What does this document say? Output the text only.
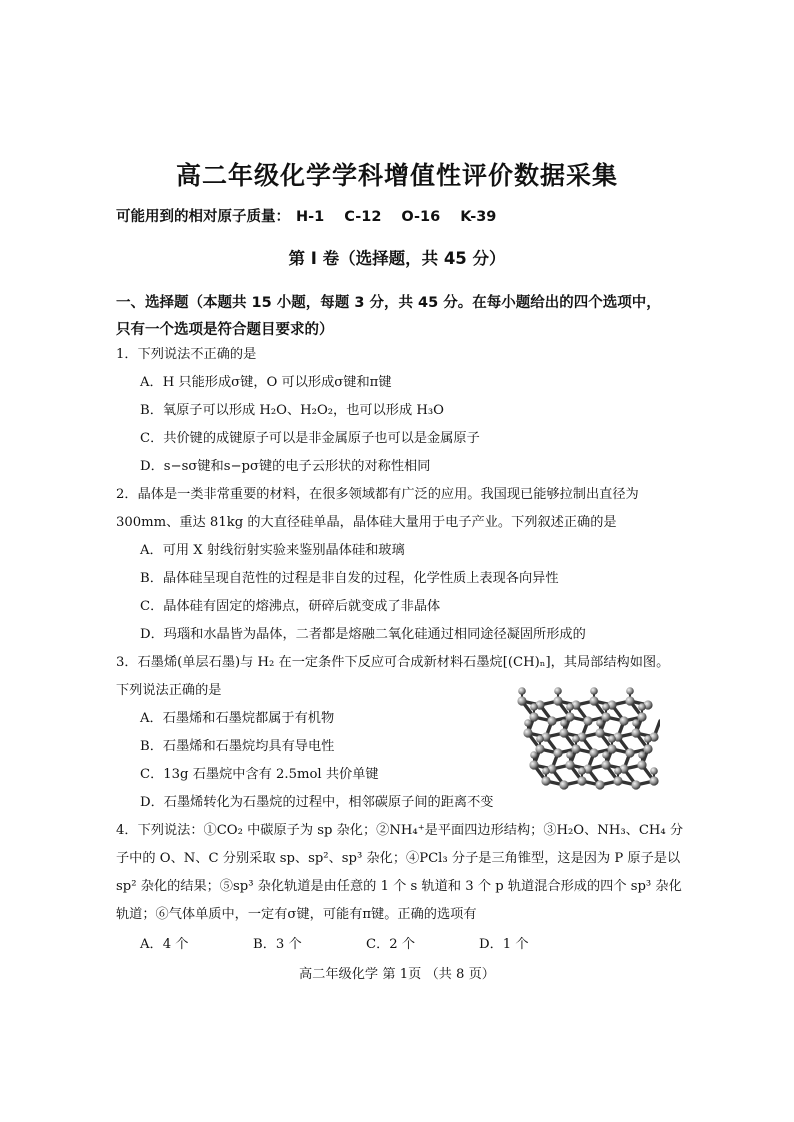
高二年级化学学科增值性评价数据采集
可能用到的相对原子质量： H-1 C-12 O-16 K-39
第 I 卷（选择题，共 45 分）
一、选择题（本题共 15 小题，每题 3 分，共 45 分。在每小题给出的四个选项中，
只有一个选项是符合题目要求的）
1．下列说法不正确的是
A．H 只能形成σ键，O 可以形成σ键和π键
B．氧原子可以形成 H₂O、H₂O₂，也可以形成 H₃O
C．共价键的成键原子可以是非金属原子也可以是金属原子
D．s−sσ键和s−pσ键的电子云形状的对称性相同
2．晶体是一类非常重要的材料，在很多领域都有广泛的应用。我国现已能够拉制出直径为
300mm、重达 81kg 的大直径硅单晶，晶体硅大量用于电子产业。下列叙述正确的是
A．可用 X 射线衍射实验来鉴别晶体硅和玻璃
B．晶体硅呈现自范性的过程是非自发的过程，化学性质上表现各向异性
C．晶体硅有固定的熔沸点，研碎后就变成了非晶体
D．玛瑙和水晶皆为晶体，二者都是熔融二氧化硅通过相同途径凝固所形成的
3．石墨烯(单层石墨)与 H₂ 在一定条件下反应可合成新材料石墨烷[(CH)ₙ]，其局部结构如图。
下列说法正确的是
A．石墨烯和石墨烷都属于有机物
B．石墨烯和石墨烷均具有导电性
C．13g 石墨烷中含有 2.5mol 共价单键
D．石墨烯转化为石墨烷的过程中，相邻碳原子间的距离不变
4．下列说法：①CO₂ 中碳原子为 sp 杂化；②NH₄⁺是平面四边形结构；③H₂O、NH₃、CH₄ 分
子中的 O、N、C 分别采取 sp、sp²、sp³ 杂化；④PCl₃ 分子是三角锥型，这是因为 P 原子是以
sp² 杂化的结果；⑤sp³ 杂化轨道是由任意的 1 个 s 轨道和 3 个 p 轨道混合形成的四个 sp³ 杂化
轨道；⑥气体单质中，一定有σ键，可能有π键。正确的选项有
A．4 个	B．3 个	C．2 个	D．1 个
高二年级化学 第 1页 （共 8 页）
